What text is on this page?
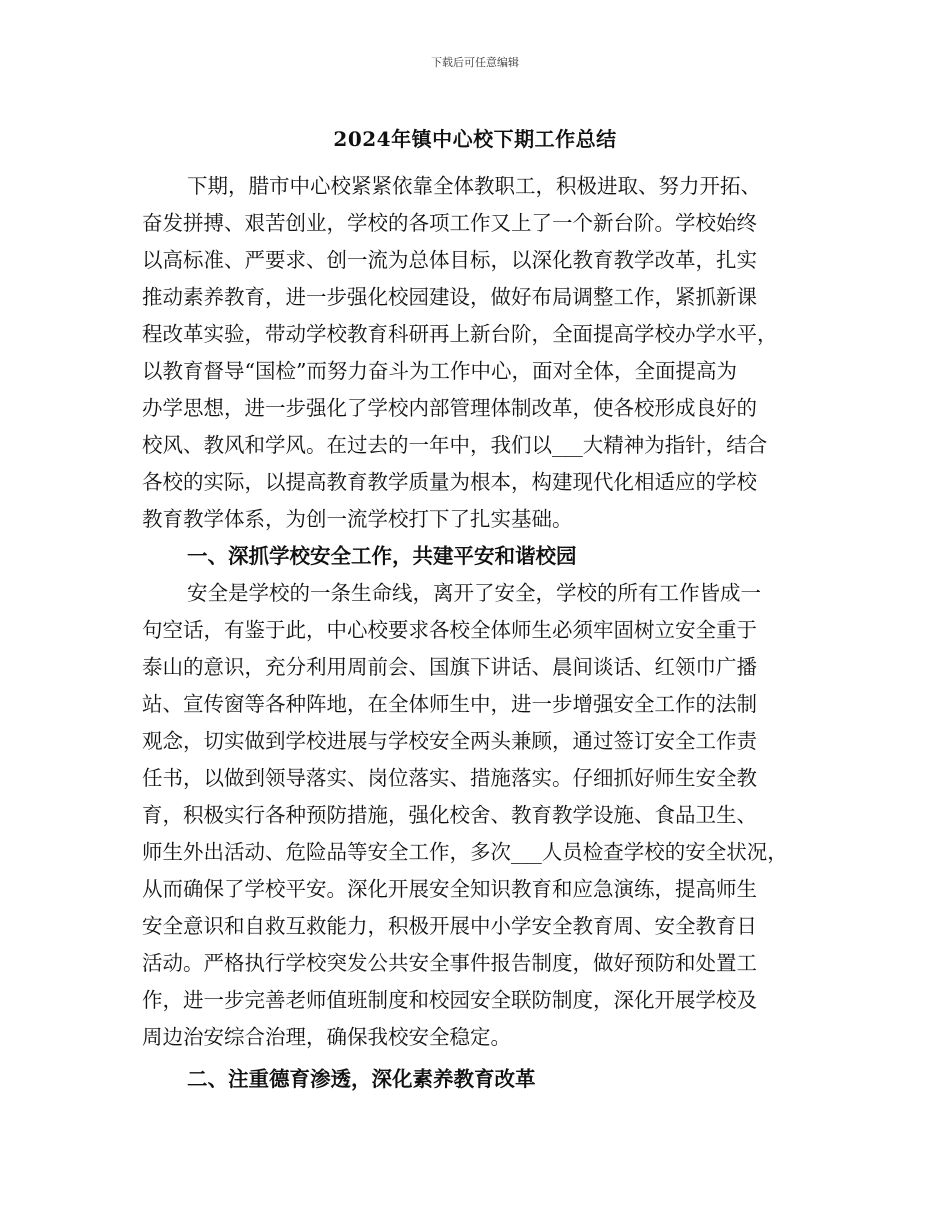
下载后可任意编辑
2024年镇中心校下期工作总结
下期，腊市中心校紧紧依靠全体教职工，积极进取、努力开拓、
奋发拼搏、艰苦创业，学校的各项工作又上了一个新台阶。学校始终
以高标准、严要求、创一流为总体目标，以深化教育教学改革，扎实
推动素养教育，进一步强化校园建设，做好布局调整工作，紧抓新课
程改革实验，带动学校教育科研再上新台阶，全面提高学校办学水平，
以教育督导“国检”而努力奋斗为工作中心，面对全体，全面提高为
办学思想，进一步强化了学校内部管理体制改革，使各校形成良好的
校风、教风和学风。在过去的一年中，我们以___大精神为指针，结合
各校的实际，以提高教育教学质量为根本，构建现代化相适应的学校
教育教学体系，为创一流学校打下了扎实基础。
一、深抓学校安全工作，共建平安和谐校园
安全是学校的一条生命线，离开了安全，学校的所有工作皆成一
句空话，有鉴于此，中心校要求各校全体师生必须牢固树立安全重于
泰山的意识，充分利用周前会、国旗下讲话、晨间谈话、红领巾广播
站、宣传窗等各种阵地，在全体师生中，进一步增强安全工作的法制
观念，切实做到学校进展与学校安全两头兼顾，通过签订安全工作责
任书，以做到领导落实、岗位落实、措施落实。仔细抓好师生安全教
育，积极实行各种预防措施，强化校舍、教育教学设施、食品卫生、
师生外出活动、危险品等安全工作，多次___人员检查学校的安全状况，
从而确保了学校平安。深化开展安全知识教育和应急演练，提高师生
安全意识和自救互救能力，积极开展中小学安全教育周、安全教育日
活动。严格执行学校突发公共安全事件报告制度，做好预防和处置工
作，进一步完善老师值班制度和校园安全联防制度，深化开展学校及
周边治安综合治理，确保我校安全稳定。
二、注重德育渗透，深化素养教育改革
